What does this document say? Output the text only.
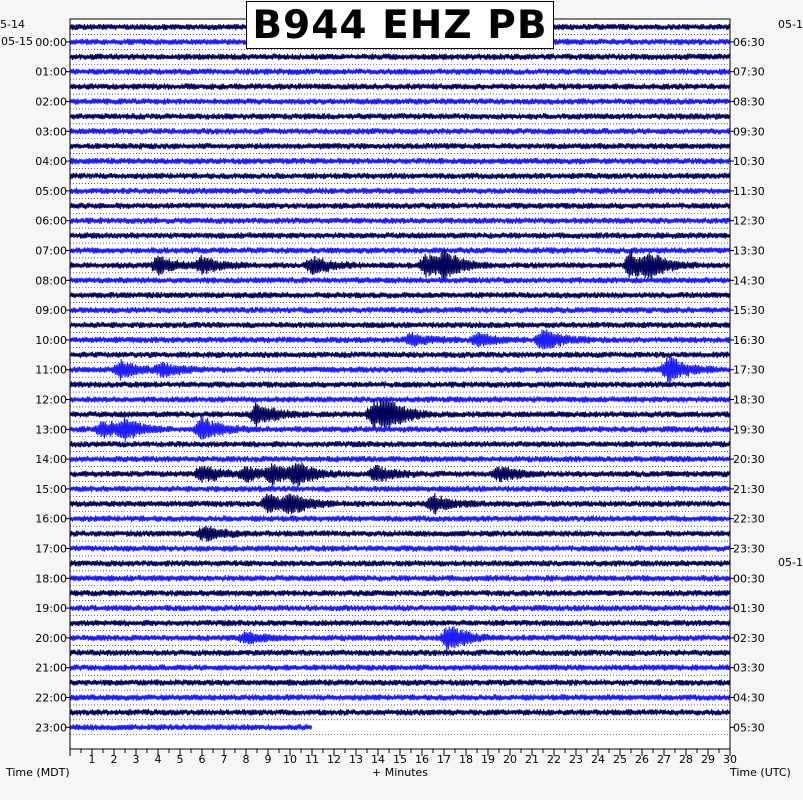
00:00	06:30
01:00	07:30
02:00	08:30
03:00	09:30
04:00	10:30
05:00	11:30
06:00	12:30
07:00	13:30
08:00	14:30
09:00	15:30
10:00	16:30
11:00	17:30
12:00	18:30
13:00	19:30
14:00	20:30
15:00	21:30
16:00	22:30
17:00	23:30
18:00	00:30
19:00	01:30
20:00	02:30
21:00	03:30
22:00	04:30
23:00	05:30
1 2 3 4 5 6 7 8 9 10 11 12 13 14 15 16 17 18 19 20 21 22 23 24 25 26 27 28 29 30
B944 EHZ PB
5-14
05-15
05-1
05-1
Time (MDT)	+ Minutes	Time (UTC)
